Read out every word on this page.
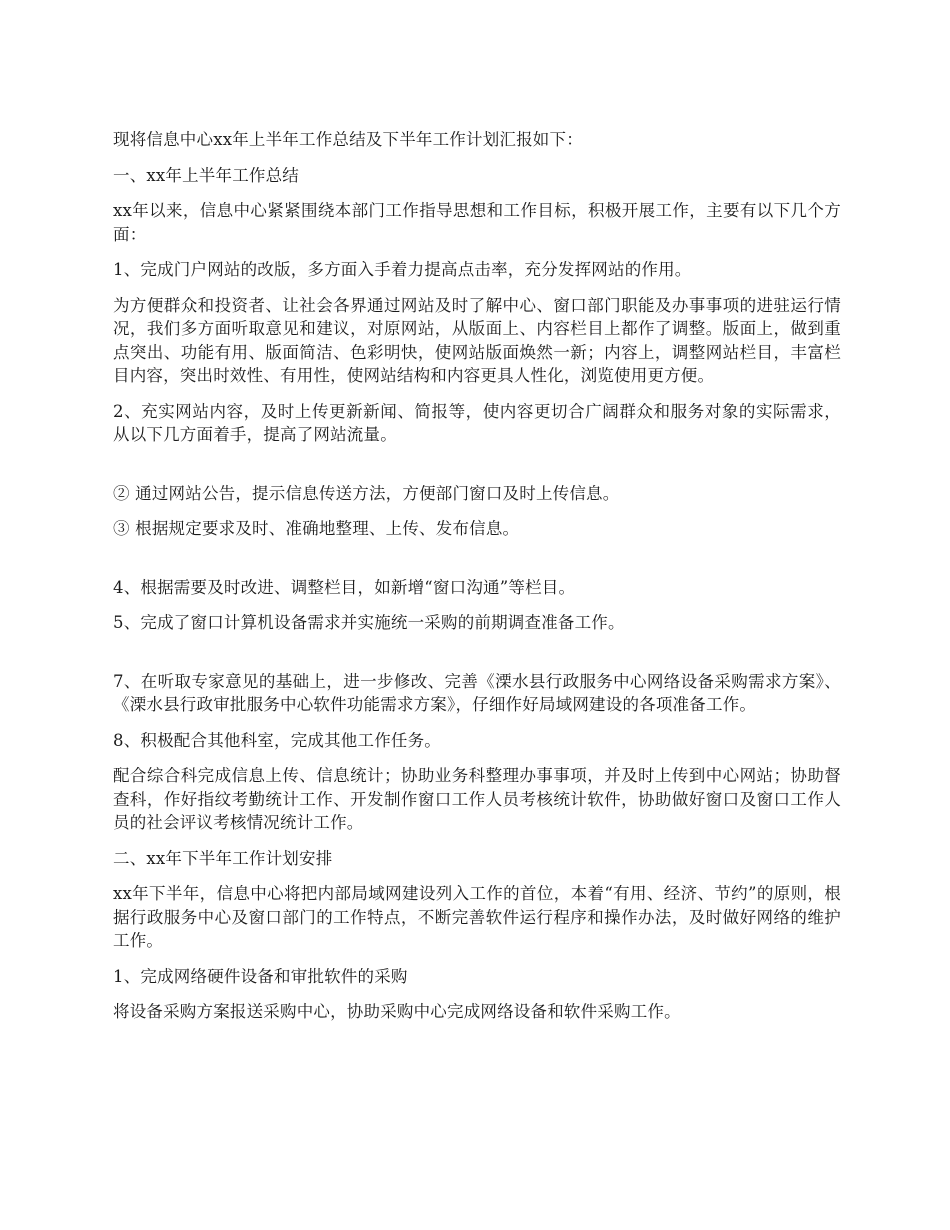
现将信息中心xx年上半年工作总结及下半年工作计划汇报如下：

一、xx年上半年工作总结

xx年以来，信息中心紧紧围绕本部门工作指导思想和工作目标，积极开展工作，主要有以下几个方面：

1、完成门户网站的改版，多方面入手着力提高点击率，充分发挥网站的作用。

为方便群众和投资者、让社会各界通过网站及时了解中心、窗口部门职能及办事事项的进驻运行情况，我们多方面听取意见和建议，对原网站，从版面上、内容栏目上都作了调整。版面上，做到重点突出、功能有用、版面简洁、色彩明快，使网站版面焕然一新；内容上，调整网站栏目，丰富栏目内容，突出时效性、有用性，使网站结构和内容更具人性化，浏览使用更方便。

2、充实网站内容，及时上传更新新闻、简报等，使内容更切合广阔群众和服务对象的实际需求，从以下几方面着手，提高了网站流量。

② 通过网站公告，提示信息传送方法，方便部门窗口及时上传信息。

③ 根据规定要求及时、准确地整理、上传、发布信息。

4、根据需要及时改进、调整栏目，如新增“窗口沟通”等栏目。

5、完成了窗口计算机设备需求并实施统一采购的前期调查准备工作。

7、在听取专家意见的基础上，进一步修改、完善《溧水县行政服务中心网络设备采购需求方案》、《溧水县行政审批服务中心软件功能需求方案》，仔细作好局域网建设的各项准备工作。

8、积极配合其他科室，完成其他工作任务。

配合综合科完成信息上传、信息统计；协助业务科整理办事事项，并及时上传到中心网站；协助督查科，作好指纹考勤统计工作、开发制作窗口工作人员考核统计软件，协助做好窗口及窗口工作人员的社会评议考核情况统计工作。

二、xx年下半年工作计划安排

xx年下半年，信息中心将把内部局域网建设列入工作的首位，本着“有用、经济、节约”的原则，根据行政服务中心及窗口部门的工作特点，不断完善软件运行程序和操作办法，及时做好网络的维护工作。

1、完成网络硬件设备和审批软件的采购

将设备采购方案报送采购中心，协助采购中心完成网络设备和软件采购工作。
